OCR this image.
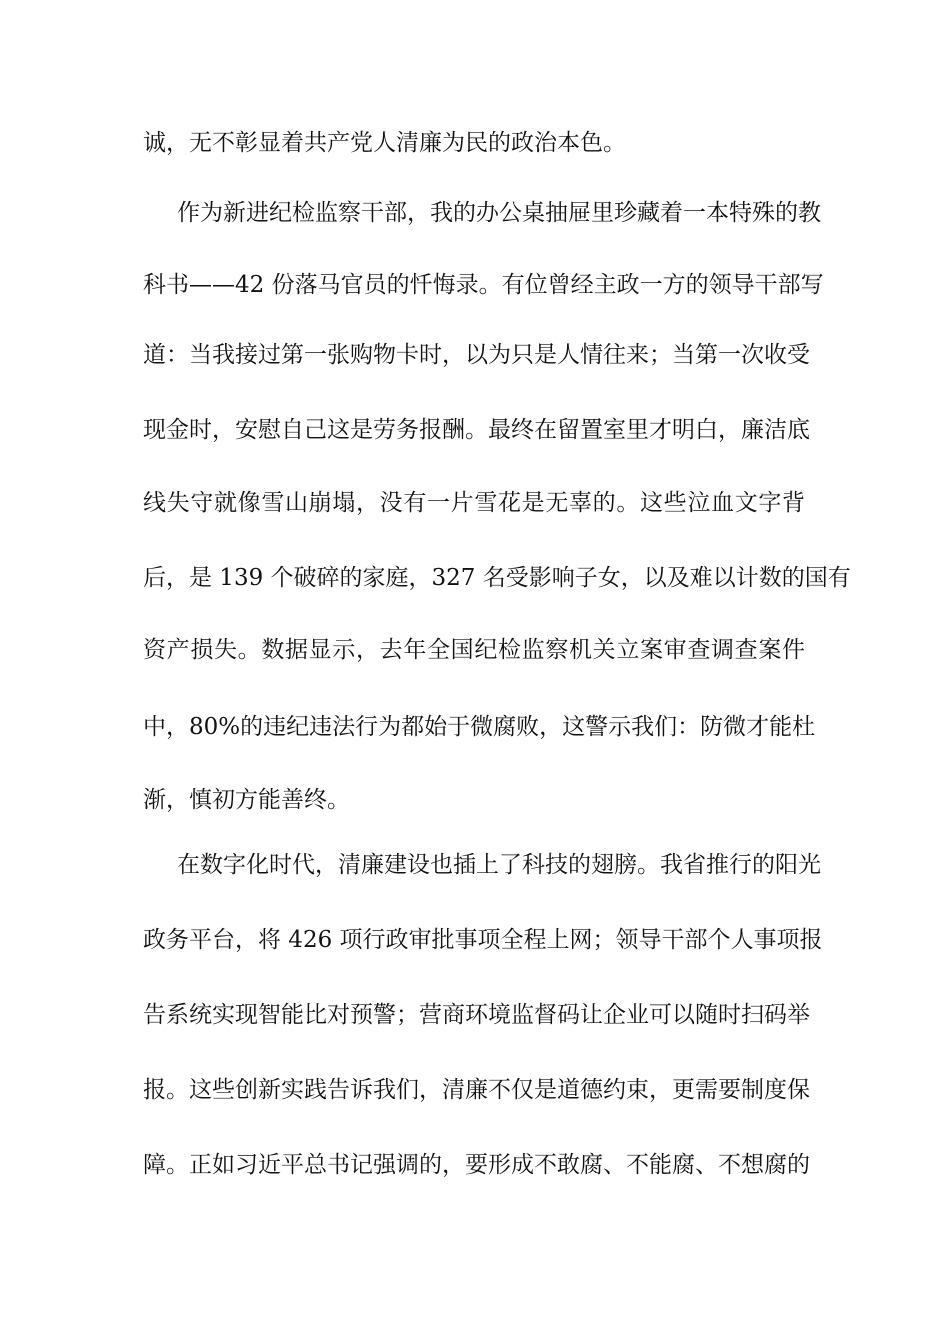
诚，无不彰显着共产党人清廉为民的政治本色。
作为新进纪检监察干部，我的办公桌抽屉里珍藏着一本特殊的教
科书——42 份落马官员的忏悔录。有位曾经主政一方的领导干部写
道：当我接过第一张购物卡时，以为只是人情往来；当第一次收受
现金时，安慰自己这是劳务报酬。最终在留置室里才明白，廉洁底
线失守就像雪山崩塌，没有一片雪花是无辜的。这些泣血文字背
后，是 139 个破碎的家庭，327 名受影响子女，以及难以计数的国有
资产损失。数据显示，去年全国纪检监察机关立案审查调查案件
中，80%的违纪违法行为都始于微腐败，这警示我们：防微才能杜
渐，慎初方能善终。
在数字化时代，清廉建设也插上了科技的翅膀。我省推行的阳光
政务平台，将 426 项行政审批事项全程上网；领导干部个人事项报
告系统实现智能比对预警；营商环境监督码让企业可以随时扫码举
报。这些创新实践告诉我们，清廉不仅是道德约束，更需要制度保
障。正如习近平总书记强调的，要形成不敢腐、不能腐、不想腐的
